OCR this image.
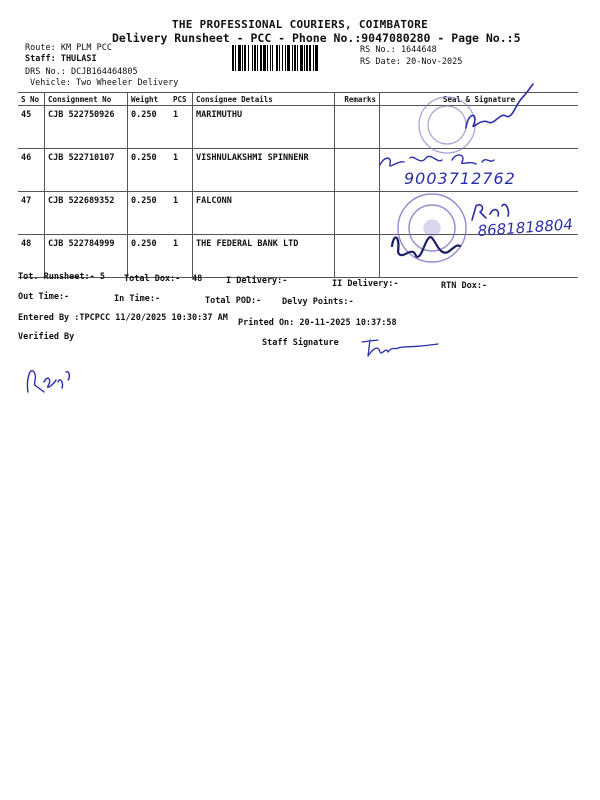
THE PROFESSIONAL COURIERS, COIMBATORE
Delivery Runsheet - PCC - Phone No.:9047080280 - Page No.:5
Route: KM PLM PCC
Staff: THULASI
DRS No.: DCJB164464805
Vehicle: Two Wheeler Delivery
RS No.: 1644648
RS Date: 20-Nov-2025
S No	Consignment No	Weight	PCS	Consignee Details	Remarks	Seal & Signature
45	CJB 522750926	0.250	1	MARIMUTHU		
46	CJB 522710107	0.250	1	VISHNULAKSHMI SPINNENR		
47	CJB 522689352	0.250	1	FALCONN		
48	CJB 522784999	0.250	1	THE FEDERAL BANK LTD		
Tot. Runsheet:- 5 Total Dox:- 48	I Delivery:-	II Delivery:-	RTN Dox:-
Out Time:-	In Time:-	Total POD:- Delvy Points:-
Entered By :TPCPCC 11/20/2025 10:30:37 AM Printed On: 20-11-2025 10:37:58
Verified By
Staff Signature
9003712762
8681818804
